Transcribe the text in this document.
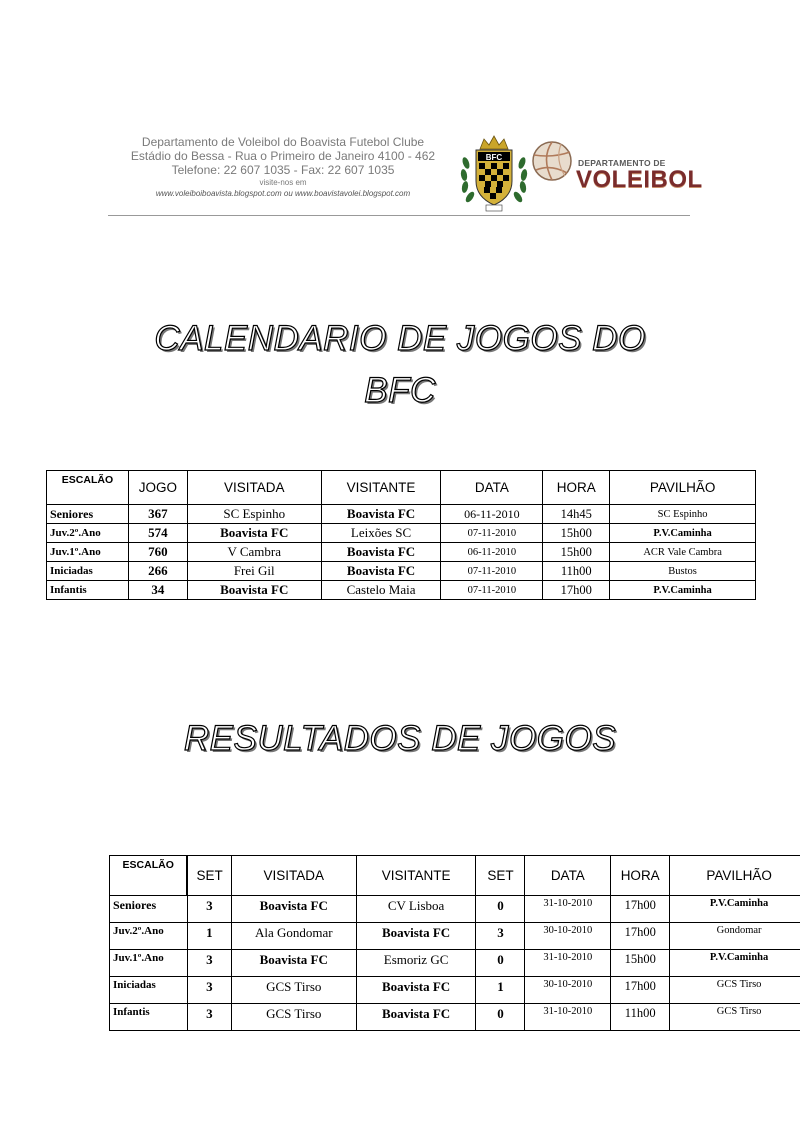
Departamento de Voleibol do Boavista Futebol Clube
Estádio do Bessa - Rua o Primeiro de Janeiro 4100 - 462
Telefone: 22 607 1035 - Fax: 22 607 1035
visite-nos em
www.voleiboiboavista.blogspot.com ou www.boavistavolei.blogspot.com
BFC
DEPARTAMENTO DE
VOLEIBOL
CALENDARIO DE JOGOS DO
BFC
ESCALÃO	JOGO	VISITADA	VISITANTE	DATA	HORA	PAVILHÃO
Seniores	367	SC Espinho	Boavista FC	06-11-2010	14h45	SC Espinho
Juv.2º.Ano	574	Boavista FC	Leixões SC	07-11-2010	15h00	P.V.Caminha
Juv.1º.Ano	760	V Cambra	Boavista FC	06-11-2010	15h00	ACR Vale Cambra
Iniciadas	266	Frei Gil	Boavista FC	07-11-2010	11h00	Bustos
Infantis	34	Boavista FC	Castelo Maia	07-11-2010	17h00	P.V.Caminha
RESULTADOS DE JOGOS
ESCALÃO	SET	VISITADA	VISITANTE	SET	DATA	HORA	PAVILHÃO
Seniores	3	Boavista FC	CV Lisboa	0	31-10-2010	17h00	P.V.Caminha
Juv.2º.Ano	1	Ala Gondomar	Boavista FC	3	30-10-2010	17h00	Gondomar
Juv.1º.Ano	3	Boavista FC	Esmoriz GC	0	31-10-2010	15h00	P.V.Caminha
Iniciadas	3	GCS Tirso	Boavista FC	1	30-10-2010	17h00	GCS Tirso
Infantis	3	GCS Tirso	Boavista FC	0	31-10-2010	11h00	GCS Tirso
